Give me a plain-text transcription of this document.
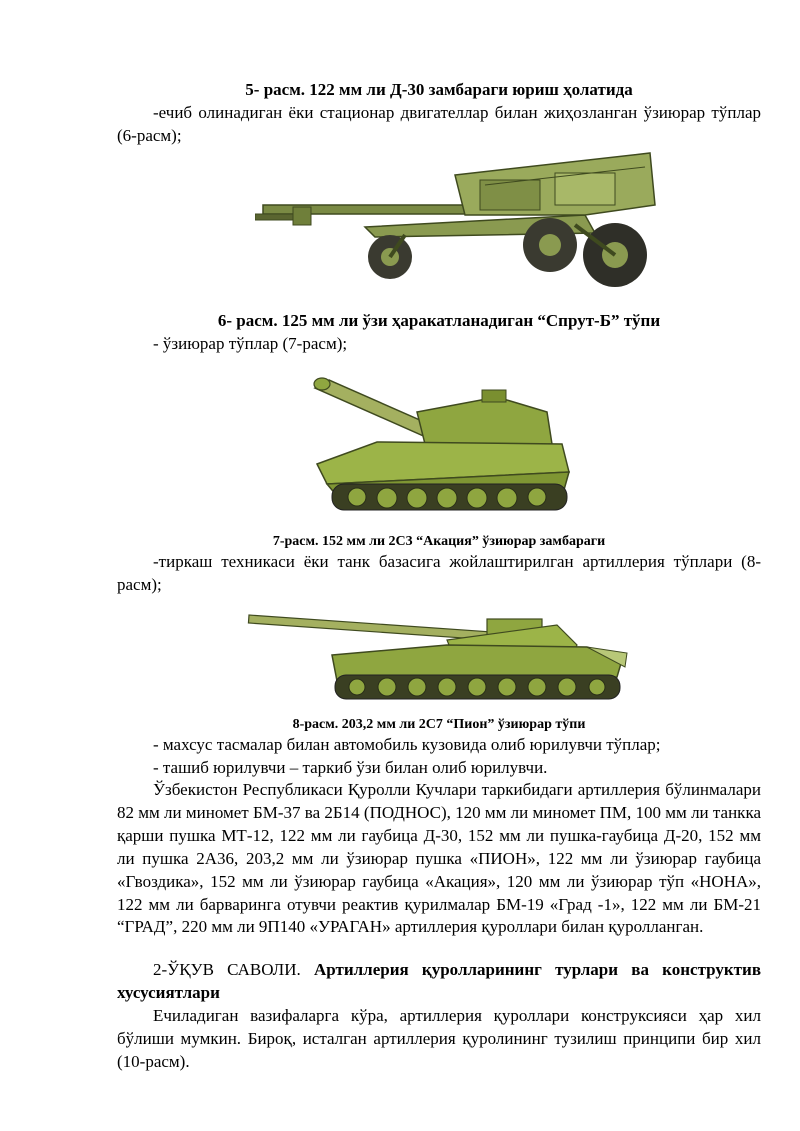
5- расм. 122 мм ли Д-30 замбараги юриш ҳолатида
-ечиб олинадиган ёки стационар двигателлар билан жиҳозланган ўзиюрар тўплар (6-расм);
6- расм. 125 мм ли ўзи ҳаракатланадиган “Спрут-Б” тўпи
- ўзиюрар тўплар (7-расм);
7-расм. 152 мм ли 2С3 “Акация” ўзиюрар замбараги
-тиркаш техникаси ёки танк базасига жойлаштирилган артиллерия тўплари (8-расм);
8-расм. 203,2 мм ли 2С7 “Пион” ўзиюрар тўпи
- махсус тасмалар билан автомобиль кузовида олиб юрилувчи тўплар;
- ташиб юрилувчи – таркиб ўзи билан олиб юрилувчи.
Ўзбекистон Республикаси Қуролли Кучлари таркибидаги артиллерия бўлинмалари 82 мм ли миномет БМ-37 ва 2Б14 (ПОДНОС), 120 мм ли миномет ПМ, 100 мм ли танкка қарши пушка МТ-12, 122 мм ли гаубица Д-30, 152 мм ли пушка-гаубица Д-20, 152 мм ли пушка 2А36, 203,2 мм ли ўзиюрар пушка «ПИОН», 122 мм ли ўзиюрар гаубица «Гвоздика», 152 мм ли ўзиюрар гаубица «Акация», 120 мм ли ўзиюрар тўп «НОНА», 122 мм ли барваринга отувчи реактив қурилмалар БМ-19 «Град -1», 122 мм ли БМ-21 “ГРАД”, 220 мм ли 9П140 «УРАГАН» артиллерия қуроллари билан қуролланган.
2-ЎҚУВ САВОЛИ. Артиллерия қуролларининг турлари ва конструктив хусусиятлари
Ечиладиган вазифаларга кўра, артиллерия қуроллари конструксияси ҳар хил бўлиши мумкин. Бироқ, исталган артиллерия қуролининг тузилиш принципи бир хил (10-расм).
